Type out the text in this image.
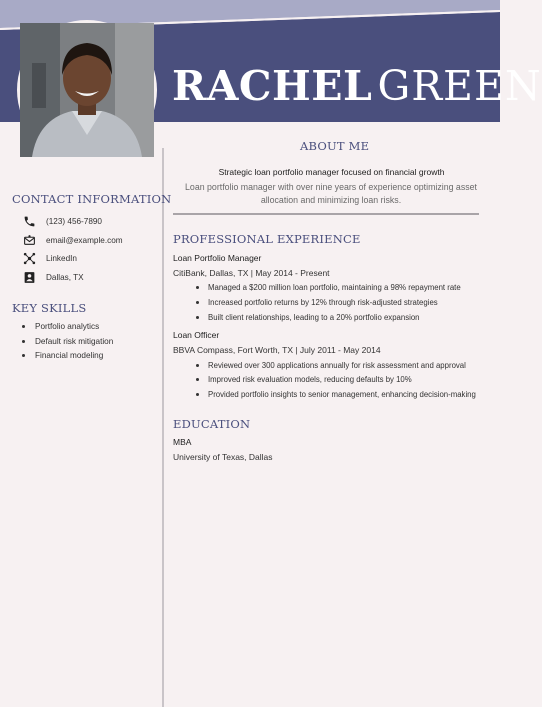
RACHEL GREEN
CONTACT INFORMATION
(123) 456-7890
email@example.com
LinkedIn
Dallas, TX
KEY SKILLS
Portfolio analytics
Default risk mitigation
Financial modeling
ABOUT ME
Strategic loan portfolio manager focused on financial growth
Loan portfolio manager with over nine years of experience optimizing asset allocation and minimizing loan risks.
PROFESSIONAL EXPERIENCE
Loan Portfolio Manager
CitiBank, Dallas, TX | May 2014 - Present
Managed a $200 million loan portfolio, maintaining a 98% repayment rate
Increased portfolio returns by 12% through risk-adjusted strategies
Built client relationships, leading to a 20% portfolio expansion
Loan Officer
BBVA Compass, Fort Worth, TX | July 2011 - May 2014
Reviewed over 300 applications annually for risk assessment and approval
Improved risk evaluation models, reducing defaults by 10%
Provided portfolio insights to senior management, enhancing decision-making
EDUCATION
MBA
University of Texas, Dallas
